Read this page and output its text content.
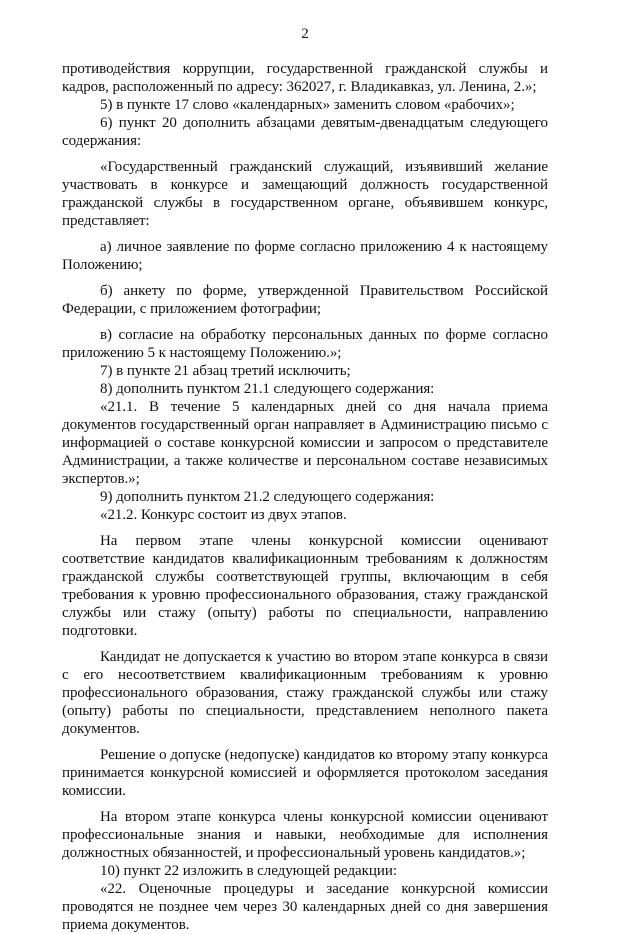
2

противодействия коррупции, государственной гражданской службы и кадров, расположенный по адресу: 362027, г. Владикавказ, ул. Ленина, 2.»;

5) в пункте 17 слово «календарных» заменить словом «рабочих»;

6) пункт 20 дополнить абзацами девятым-двенадцатым следующего содержания:

«Государственный гражданский служащий, изъявивший желание участвовать в конкурсе и замещающий должность государственной гражданской службы в государственном органе, объявившем конкурс, представляет:

а) личное заявление по форме согласно приложению 4 к настоящему Положению;

б) анкету по форме, утвержденной Правительством Российской Федерации, с приложением фотографии;

в) согласие на обработку персональных данных по форме согласно приложению 5 к настоящему Положению.»;

7) в пункте 21 абзац третий исключить;

8) дополнить пунктом 21.1 следующего содержания:

«21.1. В течение 5 календарных дней со дня начала приема документов государственный орган направляет в Администрацию письмо с информацией о составе конкурсной комиссии и запросом о представителе Администрации, а также количестве и персональном составе независимых экспертов.»;

9) дополнить пунктом 21.2 следующего содержания:

«21.2. Конкурс состоит из двух этапов.

На первом этапе члены конкурсной комиссии оценивают соответствие кандидатов квалификационным требованиям к должностям гражданской службы соответствующей группы, включающим в себя требования к уровню профессионального образования, стажу гражданской службы или стажу (опыту) работы по специальности, направлению подготовки.

Кандидат не допускается к участию во втором этапе конкурса в связи с его несоответствием квалификационным требованиям к уровню профессионального образования, стажу гражданской службы или стажу (опыту) работы по специальности, представлением неполного пакета документов.

Решение о допуске (недопуске) кандидатов ко второму этапу конкурса принимается конкурсной комиссией и оформляется протоколом заседания комиссии.

На втором этапе конкурса члены конкурсной комиссии оценивают профессиональные знания и навыки, необходимые для исполнения должностных обязанностей, и профессиональный уровень кандидатов.»;

10) пункт 22 изложить в следующей редакции:

«22. Оценочные процедуры и заседание конкурсной комиссии проводятся не позднее чем через 30 календарных дней со дня завершения приема документов.
